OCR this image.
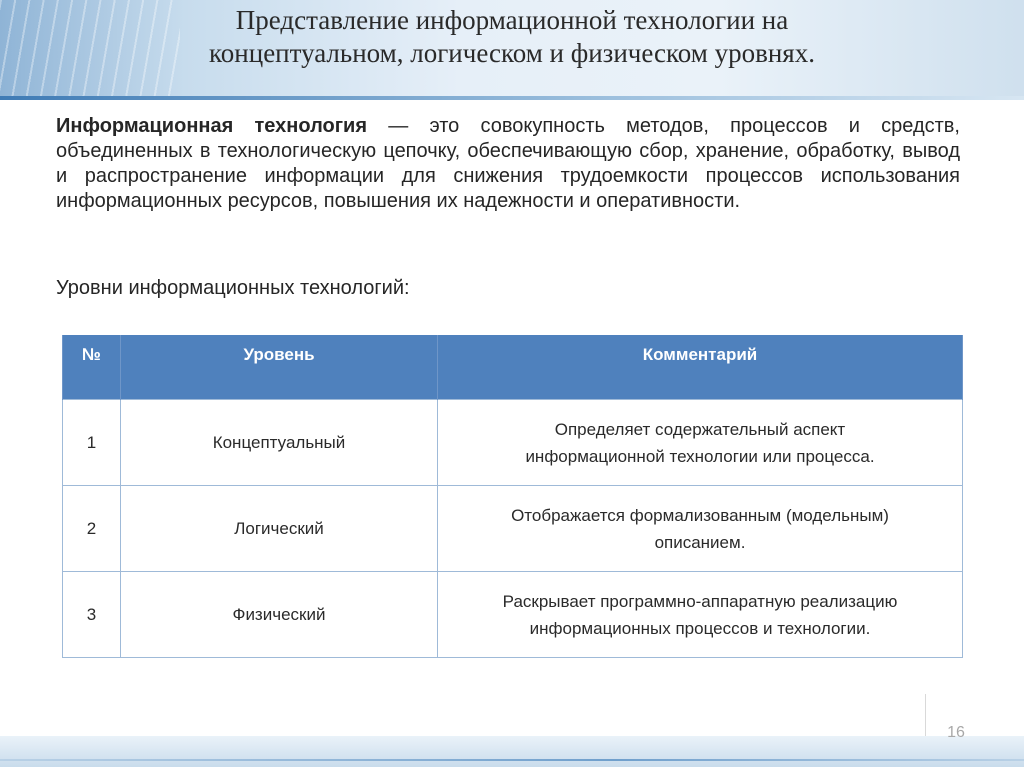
Представление информационной технологии на
концептуальном, логическом и физическом уровнях.

Информационная технология — это совокупность методов, процессов и средств, объединенных в технологическую цепочку, обеспечивающую сбор, хранение, обработку, вывод и распространение информации для снижения трудоемкости процессов использования информационных ресурсов, повышения их надежности и оперативности.

Уровни информационных технологий:

№	Уровень	Комментарий
1	Концептуальный	Определяет содержательный аспект
информационной технологии или процесса.
2	Логический	Отображается формализованным (модельным)
описанием.
3	Физический	Раскрывает программно-аппаратную реализацию
информационных процессов и технологии.
16
